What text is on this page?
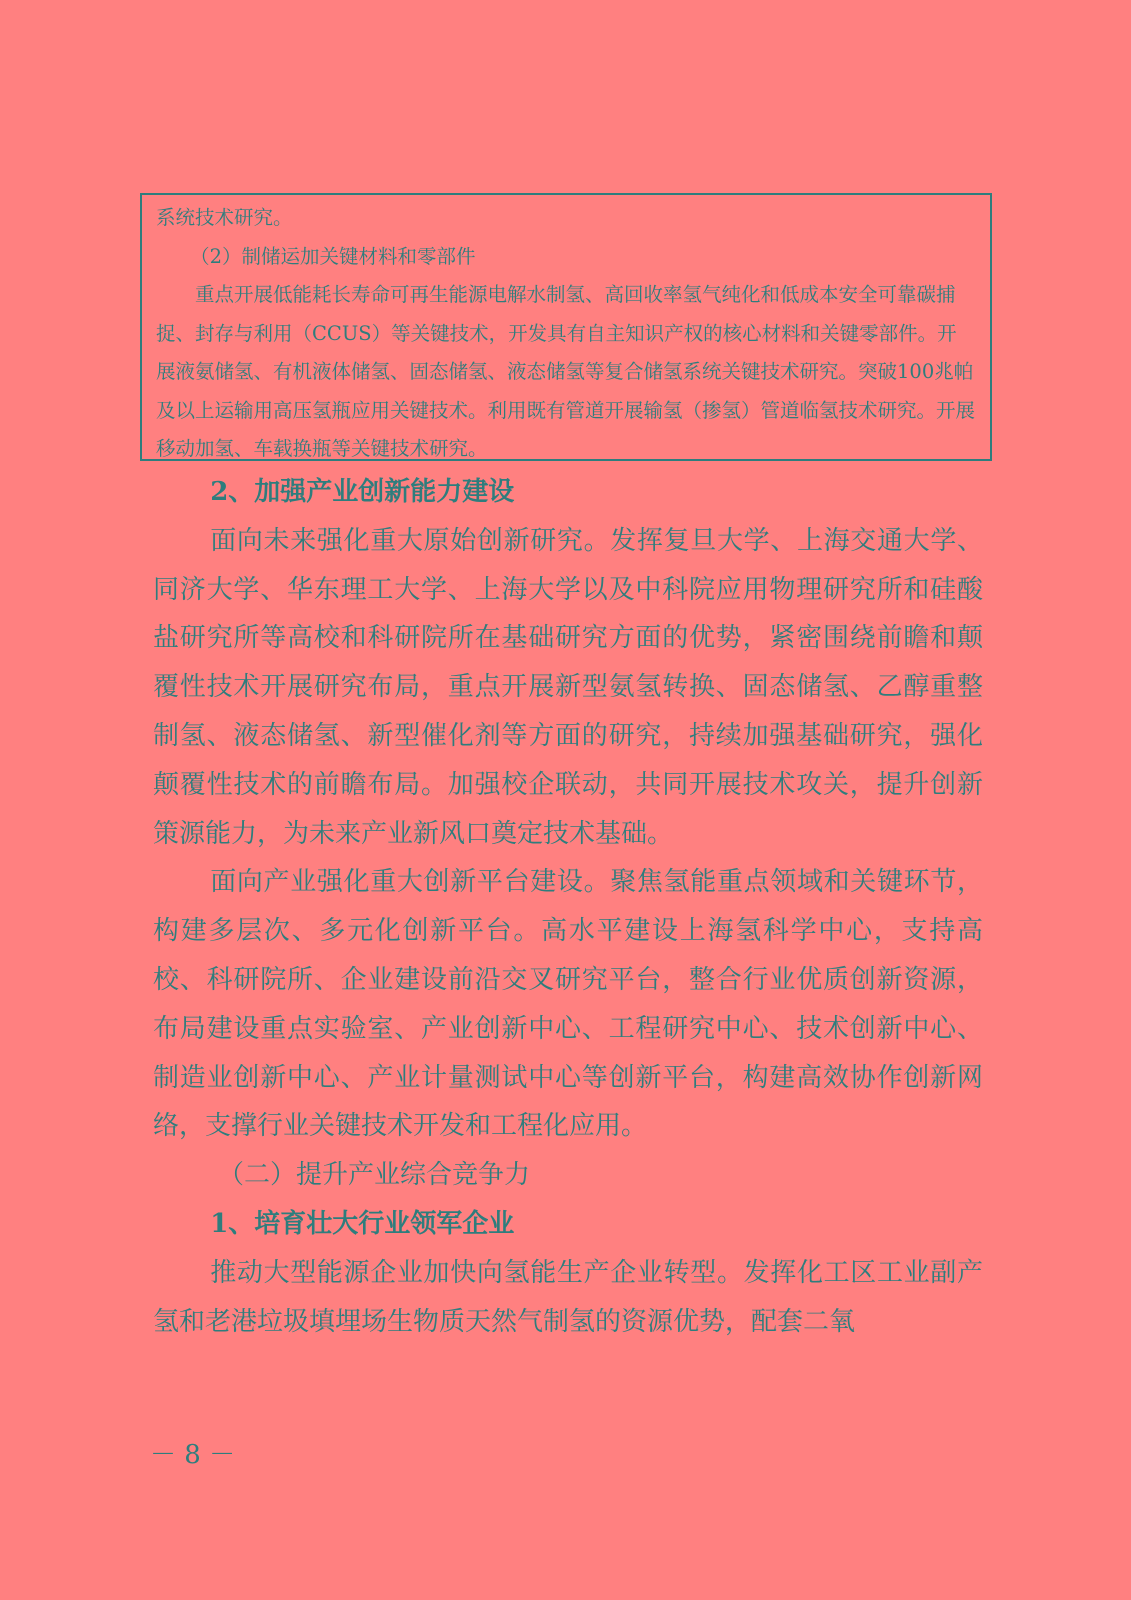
系统技术研究。

（2）制储运加关键材料和零部件

重点开展低能耗长寿命可再生能源电解水制氢、高回收率氢气纯化和低成本安全可靠碳捕捉、封存与利用（CCUS）等关键技术，开发具有自主知识产权的核心材料和关键零部件。开展液氨储氢、有机液体储氢、固态储氢、液态储氢等复合储氢系统关键技术研究。突破100兆帕及以上运输用高压氢瓶应用关键技术。利用既有管道开展输氢（掺氢）管道临氢技术研究。开展移动加氢、车载换瓶等关键技术研究。

2、加强产业创新能力建设

面向未来强化重大原始创新研究。发挥复旦大学、上海交通大学、同济大学、华东理工大学、上海大学以及中科院应用物理研究所和硅酸盐研究所等高校和科研院所在基础研究方面的优势，紧密围绕前瞻和颠覆性技术开展研究布局，重点开展新型氨氢转换、固态储氢、乙醇重整制氢、液态储氢、新型催化剂等方面的研究，持续加强基础研究，强化颠覆性技术的前瞻布局。加强校企联动，共同开展技术攻关，提升创新策源能力，为未来产业新风口奠定技术基础。

面向产业强化重大创新平台建设。聚焦氢能重点领域和关键环节，构建多层次、多元化创新平台。高水平建设上海氢科学中心，支持高校、科研院所、企业建设前沿交叉研究平台，整合行业优质创新资源，布局建设重点实验室、产业创新中心、工程研究中心、技术创新中心、制造业创新中心、产业计量测试中心等创新平台，构建高效协作创新网络，支撑行业关键技术开发和工程化应用。

（二）提升产业综合竞争力

1、培育壮大行业领军企业

推动大型能源企业加快向氢能生产企业转型。发挥化工区工业副产氢和老港垃圾填埋场生物质天然气制氢的资源优势，配套二氧

－ 8 －
